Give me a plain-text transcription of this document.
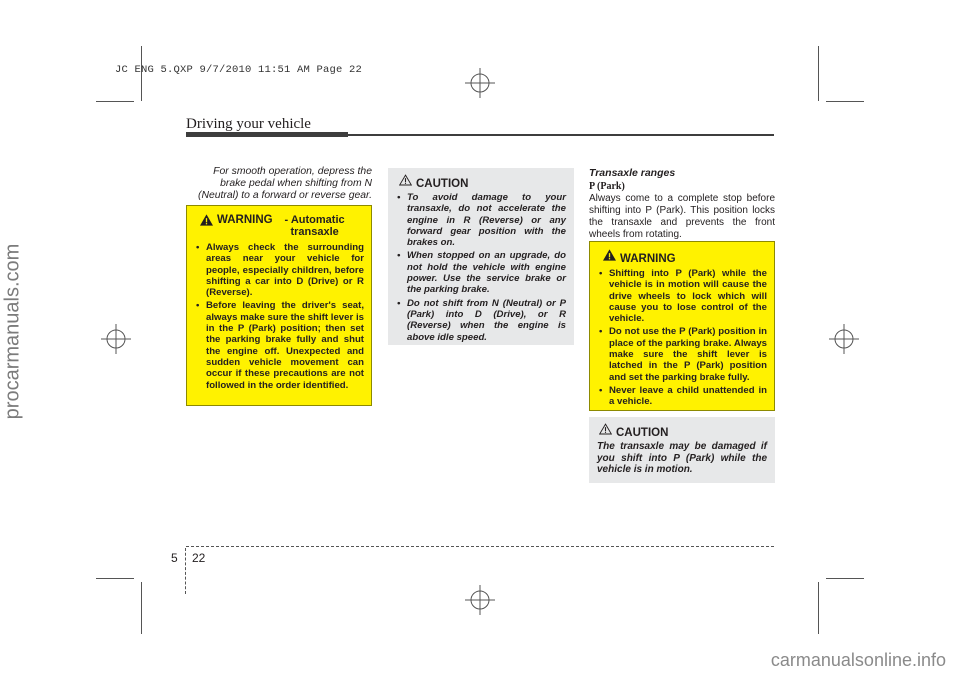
JC ENG 5.QXP 9/7/2010 11:51 AM Page 22
procarmanuals.com
carmanualsonline.info
Driving your vehicle
For smooth operation, depress the brake pedal when shifting from N (Neutral) to a forward or reverse gear.
WARNING	- Automatic transaxle
• Always check the surrounding areas near your vehicle for people, especially children, before shifting a car into D (Drive) or R (Reverse).
• Before leaving the driver's seat, always make sure the shift lever is in the P (Park) position; then set the parking brake fully and shut the engine off. Unexpected and sudden vehicle movement can occur if these precautions are not followed in the order identified.
CAUTION
• To avoid damage to your transaxle, do not accelerate the engine in R (Reverse) or any forward gear position with the brakes on.
• When stopped on an upgrade, do not hold the vehicle with engine power. Use the service brake or the parking brake.
• Do not shift from N (Neutral) or P (Park) into D (Drive), or R (Reverse) when the engine is above idle speed.
Transaxle ranges
P (Park)
Always come to a complete stop before shifting into P (Park). This position locks the transaxle and prevents the front wheels from rotating.
WARNING
• Shifting into P (Park) while the vehicle is in motion will cause the drive wheels to lock which will cause you to lose control of the vehicle.
• Do not use the P (Park) position in place of the parking brake. Always make sure the shift lever is latched in the P (Park) position and set the parking brake fully.
• Never leave a child unattended in a vehicle.
CAUTION
The transaxle may be damaged if you shift into P (Park) while the vehicle is in motion.
5 22
